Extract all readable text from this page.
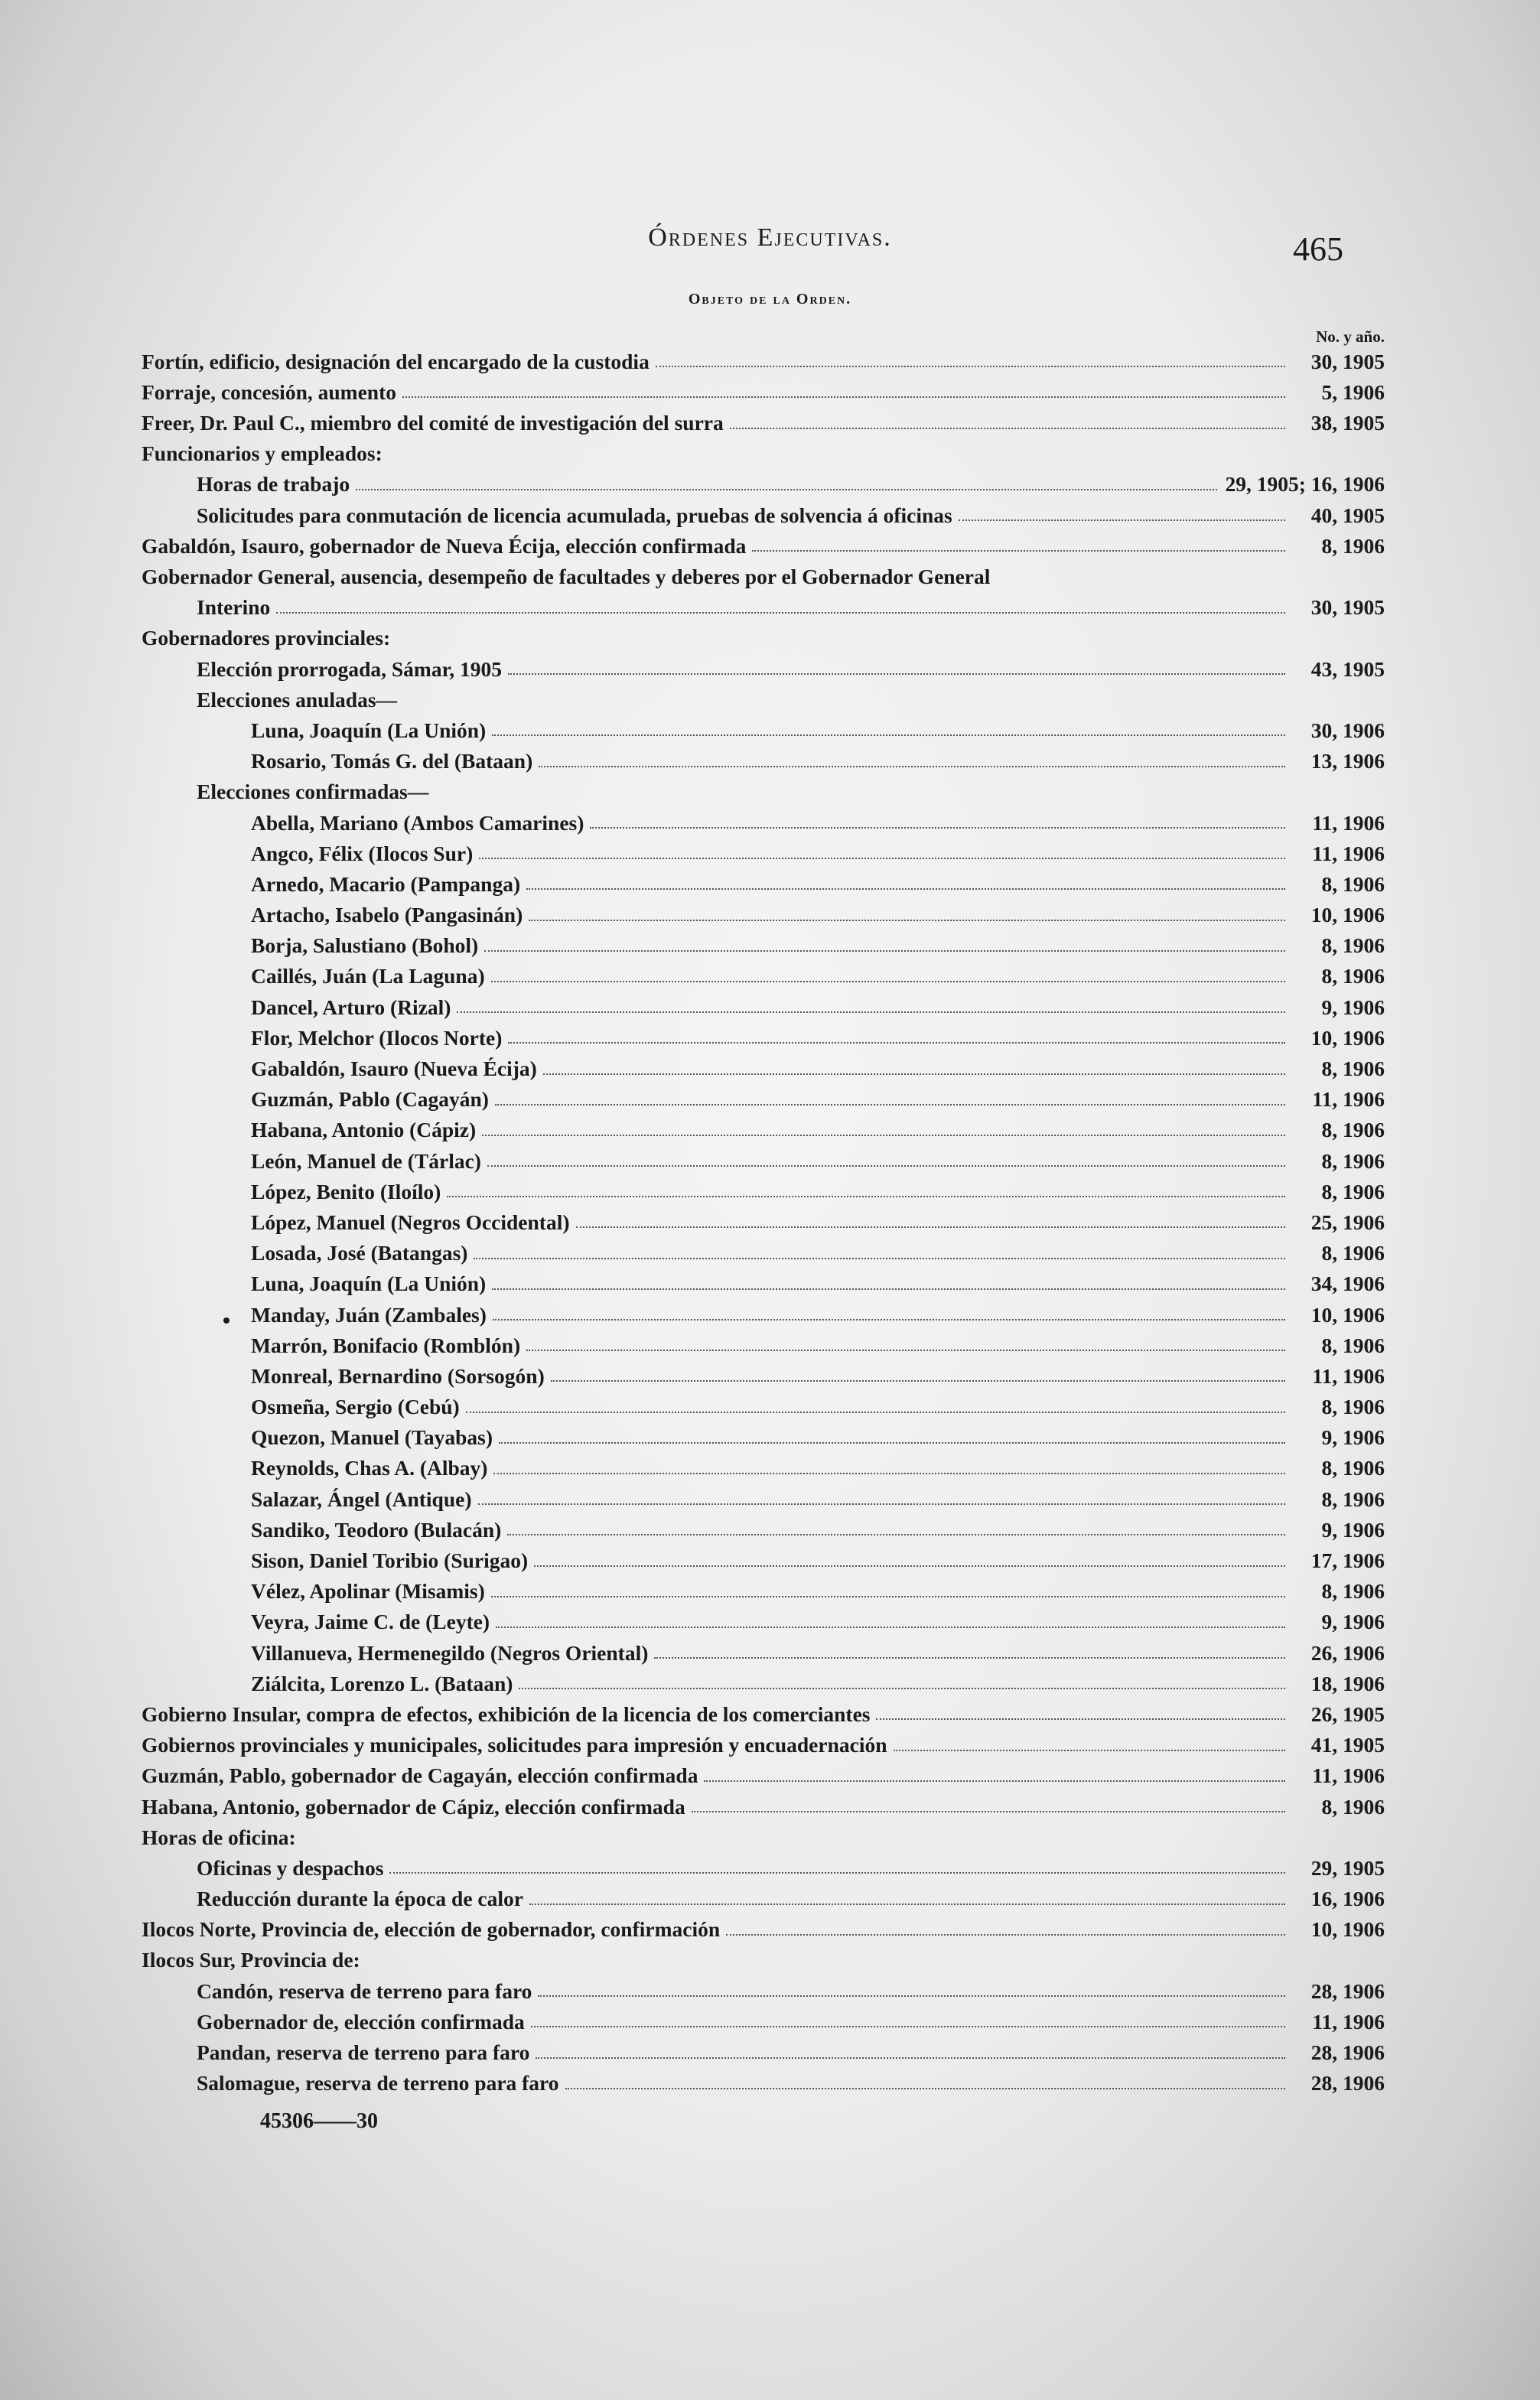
Órdenes Ejecutivas.	465
Objeto de la Orden.
No. y año.
Fortín, edificio, designación del encargado de la custodia	30, 1905
Forraje, concesión, aumento	5, 1906
Freer, Dr. Paul C., miembro del comité de investigación del surra	38, 1905
Funcionarios y empleados:
Horas de trabajo	29, 1905; 16, 1906
Solicitudes para conmutación de licencia acumulada, pruebas de solvencia á oficinas	40, 1905
Gabaldón, Isauro, gobernador de Nueva Écija, elección confirmada	8, 1906
Gobernador General, ausencia, desempeño de facultades y deberes por el Gobernador General
Interino	30, 1905
Gobernadores provinciales:
Elección prorrogada, Sámar, 1905	43, 1905
Elecciones anuladas—
Luna, Joaquín (La Unión)	30, 1906
Rosario, Tomás G. del (Bataan)	13, 1906
Elecciones confirmadas—
Abella, Mariano (Ambos Camarines)	11, 1906
Angco, Félix (Ilocos Sur)	11, 1906
Arnedo, Macario (Pampanga)	8, 1906
Artacho, Isabelo (Pangasinán)	10, 1906
Borja, Salustiano (Bohol)	8, 1906
Caillés, Juán (La Laguna)	8, 1906
Dancel, Arturo (Rizal)	9, 1906
Flor, Melchor (Ilocos Norte)	10, 1906
Gabaldón, Isauro (Nueva Écija)	8, 1906
Guzmán, Pablo (Cagayán)	11, 1906
Habana, Antonio (Cápiz)	8, 1906
León, Manuel de (Tárlac)	8, 1906
López, Benito (Iloílo)	8, 1906
López, Manuel (Negros Occidental)	25, 1906
Losada, José (Batangas)	8, 1906
Luna, Joaquín (La Unión)	34, 1906
Manday, Juán (Zambales)	10, 1906
Marrón, Bonifacio (Romblón)	8, 1906
Monreal, Bernardino (Sorsogón)	11, 1906
Osmeña, Sergio (Cebú)	8, 1906
Quezon, Manuel (Tayabas)	9, 1906
Reynolds, Chas A. (Albay)	8, 1906
Salazar, Ángel (Antique)	8, 1906
Sandiko, Teodoro (Bulacán)	9, 1906
Sison, Daniel Toribio (Surigao)	17, 1906
Vélez, Apolinar (Misamis)	8, 1906
Veyra, Jaime C. de (Leyte)	9, 1906
Villanueva, Hermenegildo (Negros Oriental)	26, 1906
Ziálcita, Lorenzo L. (Bataan)	18, 1906
Gobierno Insular, compra de efectos, exhibición de la licencia de los comerciantes	26, 1905
Gobiernos provinciales y municipales, solicitudes para impresión y encuadernación	41, 1905
Guzmán, Pablo, gobernador de Cagayán, elección confirmada	11, 1906
Habana, Antonio, gobernador de Cápiz, elección confirmada	8, 1906
Horas de oficina:
Oficinas y despachos	29, 1905
Reducción durante la época de calor	16, 1906
Ilocos Norte, Provincia de, elección de gobernador, confirmación	10, 1906
Ilocos Sur, Provincia de:
Candón, reserva de terreno para faro	28, 1906
Gobernador de, elección confirmada	11, 1906
Pandan, reserva de terreno para faro	28, 1906
Salomague, reserva de terreno para faro	28, 1906
45306——30
